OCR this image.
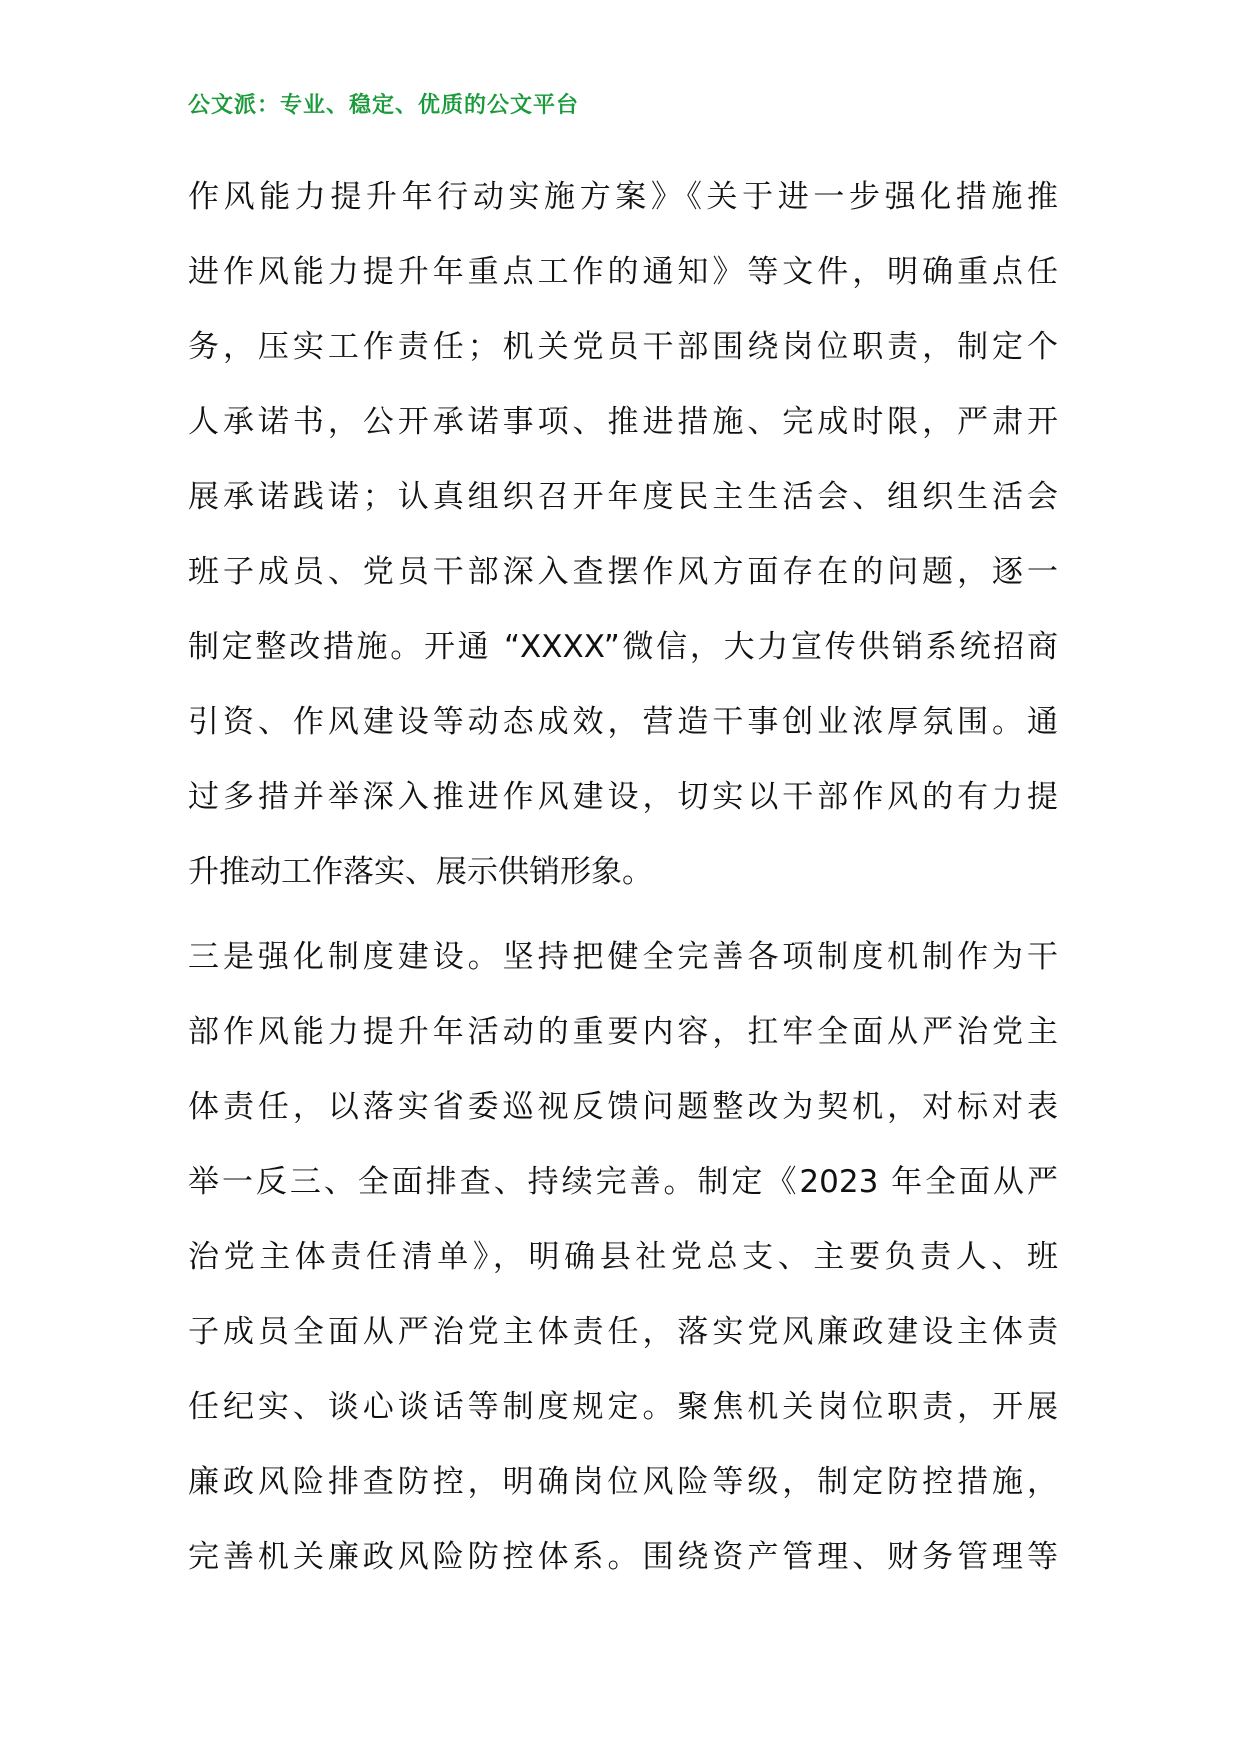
公文派：专业、稳定、优质的公文平台
作风能力提升年行动实施方案》《关于进一步强化措施推
进作风能力提升年重点工作的通知》等文件，明确重点任
务，压实工作责任；机关党员干部围绕岗位职责，制定个
人承诺书，公开承诺事项、推进措施、完成时限，严肃开
展承诺践诺；认真组织召开年度民主生活会、组织生活会
班子成员、党员干部深入查摆作风方面存在的问题，逐一
制定整改措施。开通 “XXXX”微信，大力宣传供销系统招商
引资、作风建设等动态成效，营造干事创业浓厚氛围。通
过多措并举深入推进作风建设，切实以干部作风的有力提
升推动工作落实、展示供销形象。
三是强化制度建设。坚持把健全完善各项制度机制作为干
部作风能力提升年活动的重要内容，扛牢全面从严治党主
体责任，以落实省委巡视反馈问题整改为契机，对标对表
举一反三、全面排查、持续完善。制定《2023 年全面从严
治党主体责任清单》，明确县社党总支、主要负责人、班
子成员全面从严治党主体责任，落实党风廉政建设主体责
任纪实、谈心谈话等制度规定。聚焦机关岗位职责，开展
廉政风险排查防控，明确岗位风险等级，制定防控措施，
完善机关廉政风险防控体系。围绕资产管理、财务管理等
